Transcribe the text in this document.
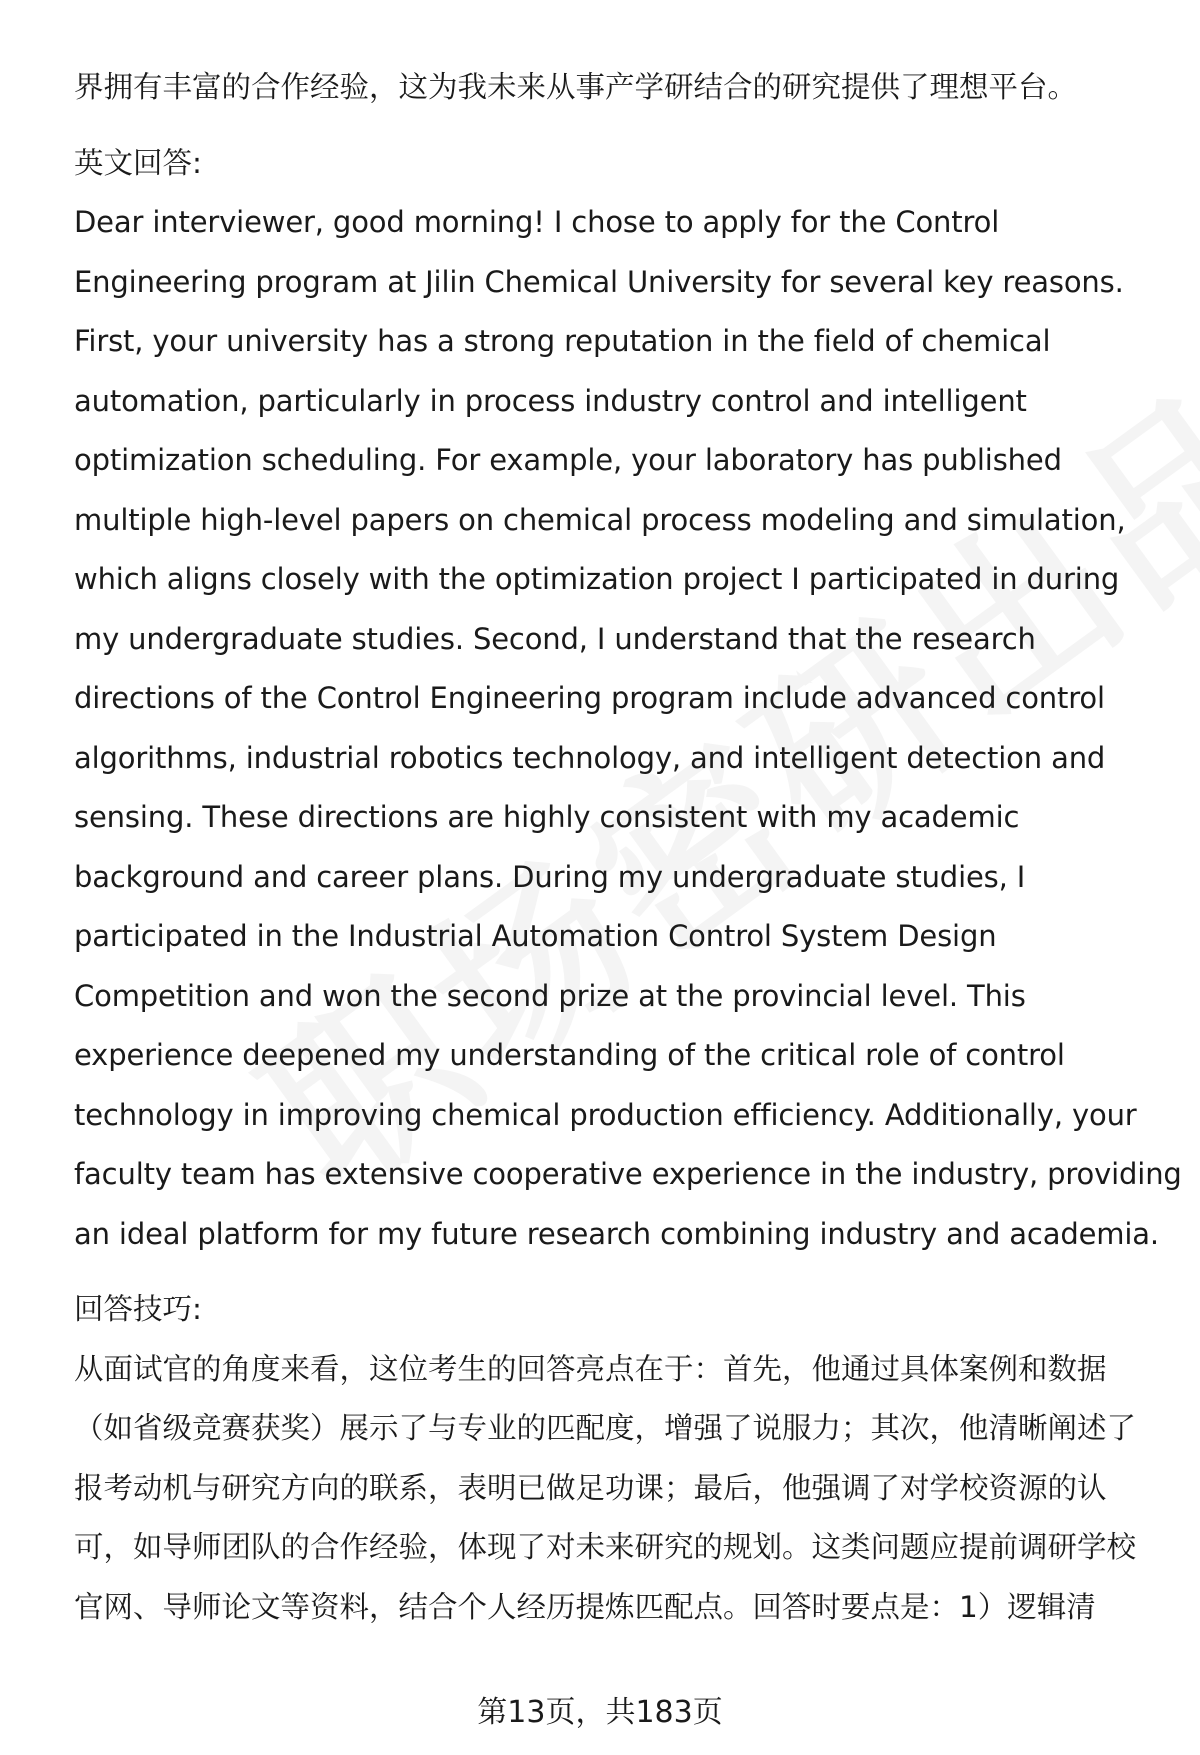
界拥有丰富的合作经验，这为我未来从事产学研结合的研究提供了理想平台。
英文回答:
Dear interviewer, good morning! I chose to apply for the Control
Engineering program at Jilin Chemical University for several key reasons.
First, your university has a strong reputation in the field of chemical
automation, particularly in process industry control and intelligent
optimization scheduling. For example, your laboratory has published
multiple high-level papers on chemical process modeling and simulation,
which aligns closely with the optimization project I participated in during
my undergraduate studies. Second, I understand that the research
directions of the Control Engineering program include advanced control
algorithms, industrial robotics technology, and intelligent detection and
sensing. These directions are highly consistent with my academic
background and career plans. During my undergraduate studies, I
participated in the Industrial Automation Control System Design
Competition and won the second prize at the provincial level. This
experience deepened my understanding of the critical role of control
technology in improving chemical production efficiency. Additionally, your
faculty team has extensive cooperative experience in the industry, providing
an ideal platform for my future research combining industry and academia.
回答技巧:
从面试官的角度来看，这位考生的回答亮点在于：首先，他通过具体案例和数据
（如省级竞赛获奖）展示了与专业的匹配度，增强了说服力；其次，他清晰阐述了
报考动机与研究方向的联系，表明已做足功课；最后，他强调了对学校资源的认
可，如导师团队的合作经验，体现了对未来研究的规划。这类问题应提前调研学校
官网、导师论文等资料，结合个人经历提炼匹配点。回答时要点是：1）逻辑清
第13页，共183页
